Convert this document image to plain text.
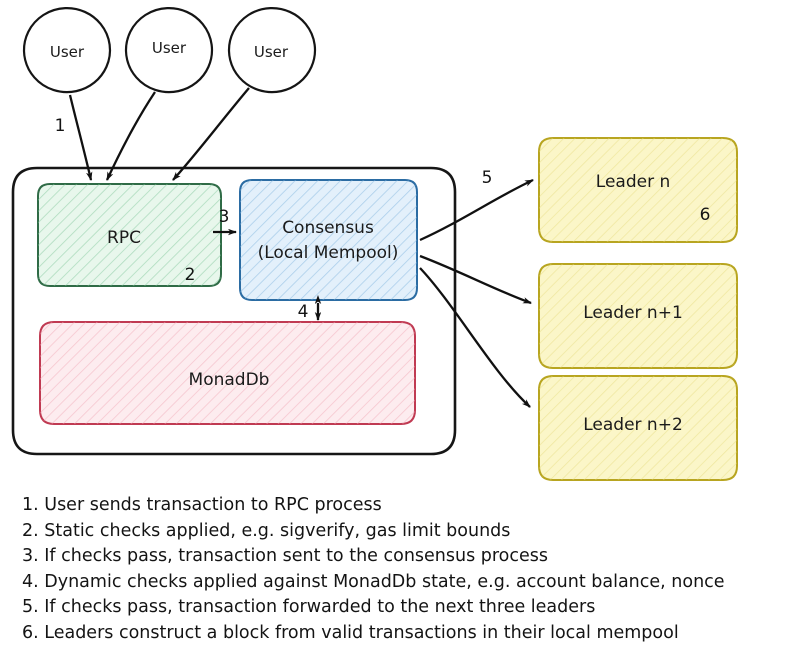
User	User	User
RPC
2
Consensus
(Local Mempool)
MonadDb
Leader n
6
Leader n+1
Leader n+2
1
3
4
5
1. User sends transaction to RPC process
2. Static checks applied, e.g. sigverify, gas limit bounds
3. If checks pass, transaction sent to the consensus process
4. Dynamic checks applied against MonadDb state, e.g. account balance, nonce
5. If checks pass, transaction forwarded to the next three leaders
6. Leaders construct a block from valid transactions in their local mempool
